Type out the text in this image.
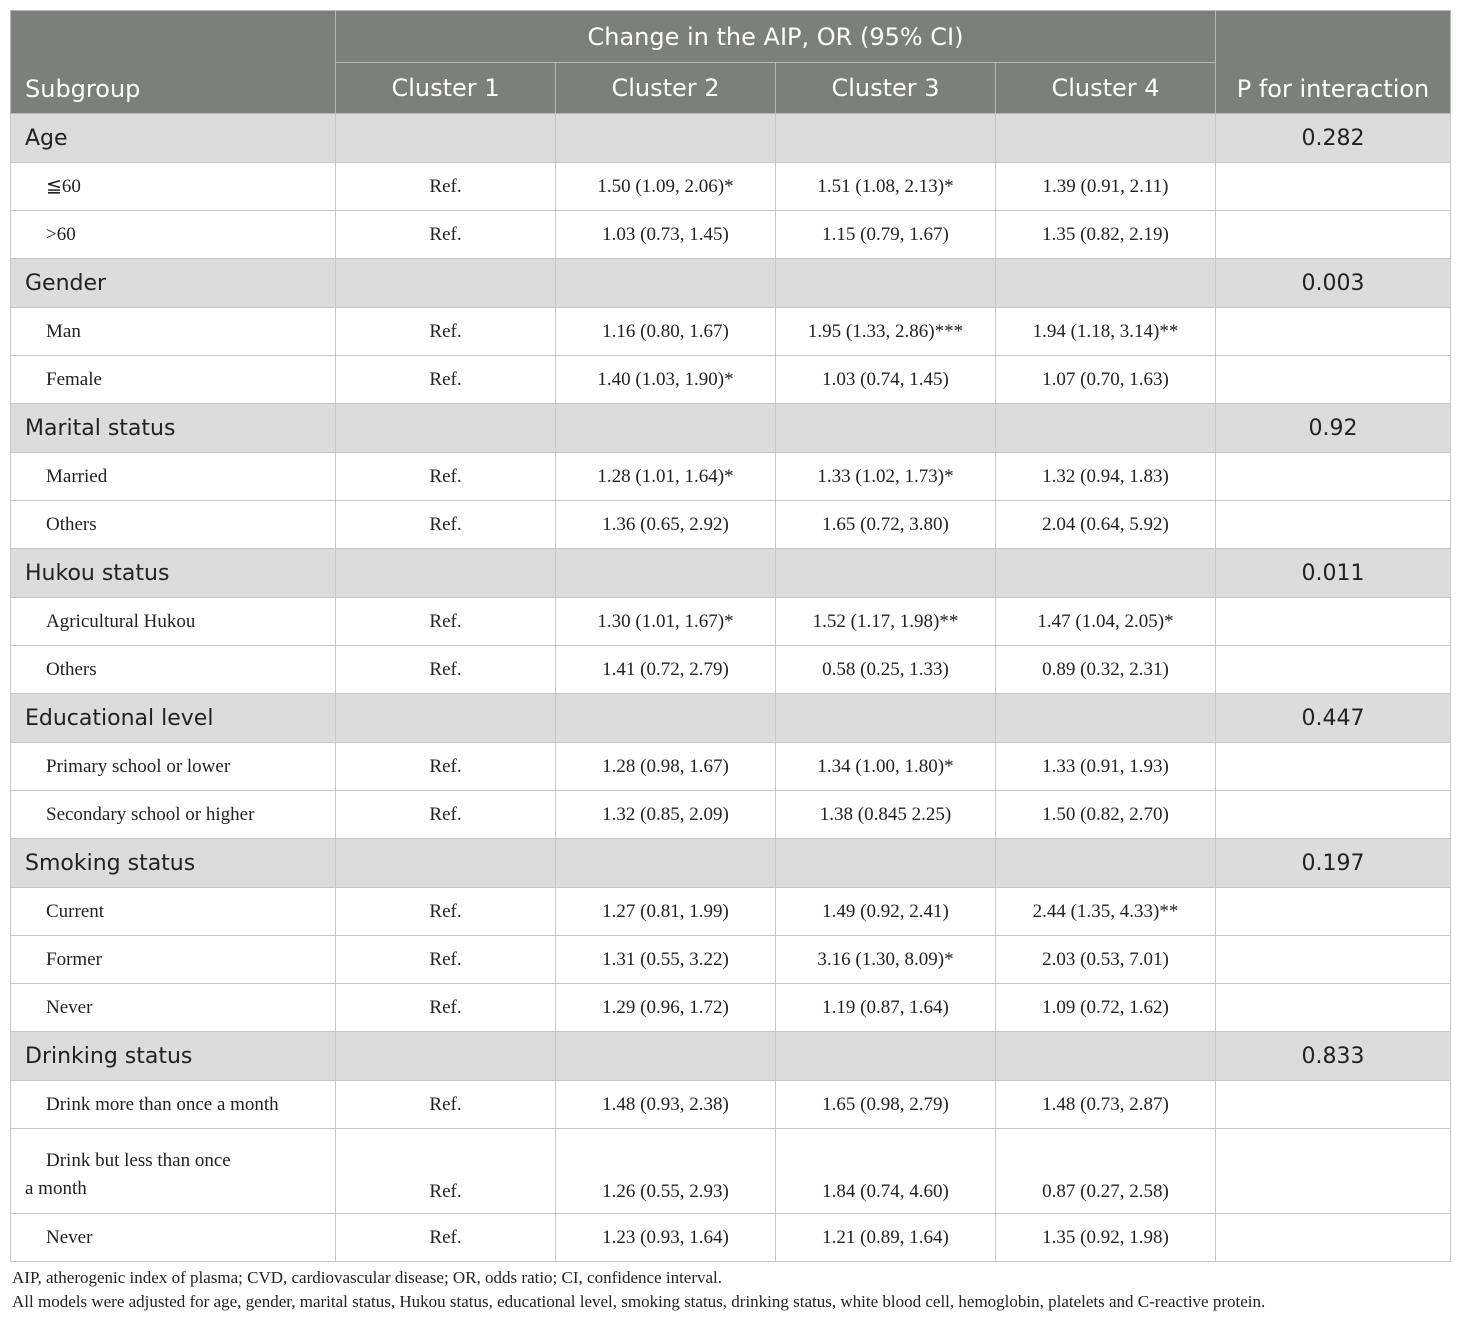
Subgroup	Change in the AIP, OR (95% CI)				P for interaction
	Cluster 1	Cluster 2	Cluster 3	Cluster 4	
Age					0.282
≦60	Ref.	1.50 (1.09, 2.06)*	1.51 (1.08, 2.13)*	1.39 (0.91, 2.11)	
>60	Ref.	1.03 (0.73, 1.45)	1.15 (0.79, 1.67)	1.35 (0.82, 2.19)	
Gender					0.003
Man	Ref.	1.16 (0.80, 1.67)	1.95 (1.33, 2.86)***	1.94 (1.18, 3.14)**	
Female	Ref.	1.40 (1.03, 1.90)*	1.03 (0.74, 1.45)	1.07 (0.70, 1.63)	
Marital status					0.92
Married	Ref.	1.28 (1.01, 1.64)*	1.33 (1.02, 1.73)*	1.32 (0.94, 1.83)	
Others	Ref.	1.36 (0.65, 2.92)	1.65 (0.72, 3.80)	2.04 (0.64, 5.92)	
Hukou status					0.011
Agricultural Hukou	Ref.	1.30 (1.01, 1.67)*	1.52 (1.17, 1.98)**	1.47 (1.04, 2.05)*	
Others	Ref.	1.41 (0.72, 2.79)	0.58 (0.25, 1.33)	0.89 (0.32, 2.31)	
Educational level					0.447
Primary school or lower	Ref.	1.28 (0.98, 1.67)	1.34 (1.00, 1.80)*	1.33 (0.91, 1.93)	
Secondary school or higher	Ref.	1.32 (0.85, 2.09)	1.38 (0.845 2.25)	1.50 (0.82, 2.70)	
Smoking status					0.197
Current	Ref.	1.27 (0.81, 1.99)	1.49 (0.92, 2.41)	2.44 (1.35, 4.33)**	
Former	Ref.	1.31 (0.55, 3.22)	3.16 (1.30, 8.09)*	2.03 (0.53, 7.01)	
Never	Ref.	1.29 (0.96, 1.72)	1.19 (0.87, 1.64)	1.09 (0.72, 1.62)	
Drinking status					0.833
Drink more than once a month	Ref.	1.48 (0.93, 2.38)	1.65 (0.98, 2.79)	1.48 (0.73, 2.87)	

Drink but less than once
a month	Ref.	1.26 (0.55, 2.93)	1.84 (0.74, 4.60)	0.87 (0.27, 2.58)	
Never	Ref.	1.23 (0.93, 1.64)	1.21 (0.89, 1.64)	1.35 (0.92, 1.98)	

AIP, atherogenic index of plasma; CVD, cardiovascular disease; OR, odds ratio; CI, confidence interval.

All models were adjusted for age, gender, marital status, Hukou status, educational level, smoking status, drinking status, white blood cell, hemoglobin, platelets and C-reactive protein.
